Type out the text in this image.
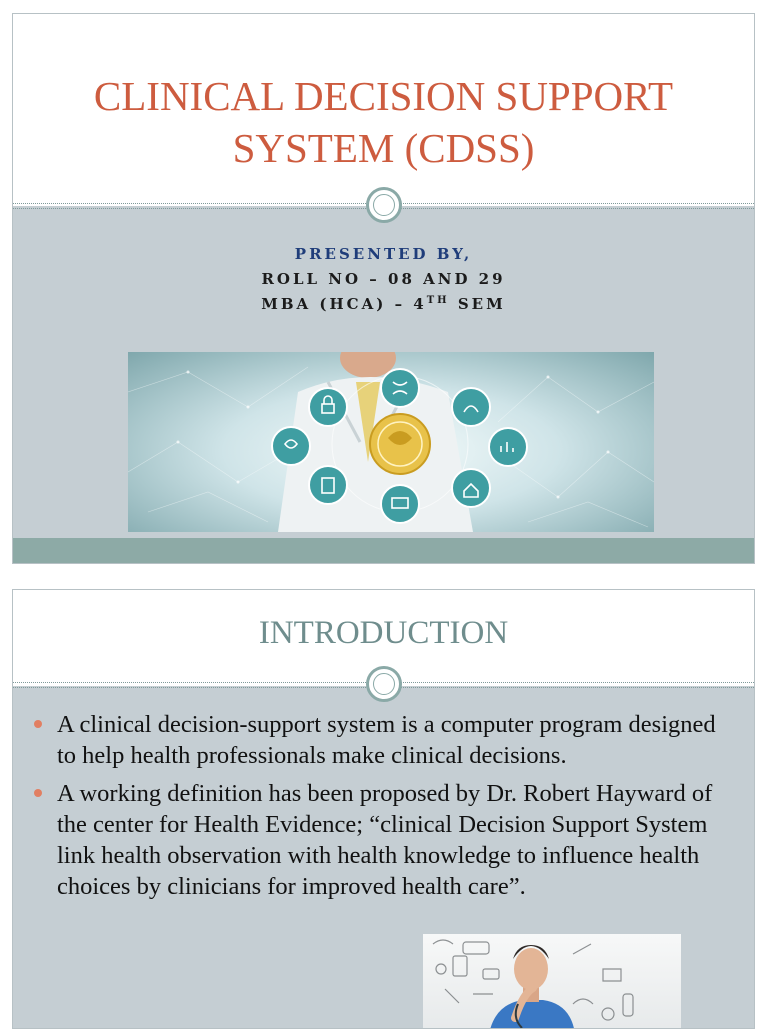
CLINICAL DECISION SUPPORT SYSTEM (CDSS)
PRESENTED BY,
ROLL NO – 08 AND 29
MBA (HCA) – 4TH SEM
INTRODUCTION
A clinical decision-support system is a computer program designed to help health professionals make clinical decisions.
A working definition has been proposed by Dr. Robert Hayward of the center for Health Evidence; “clinical Decision Support System link health observation with health knowledge to influence health choices by clinicians for improved health care”.
